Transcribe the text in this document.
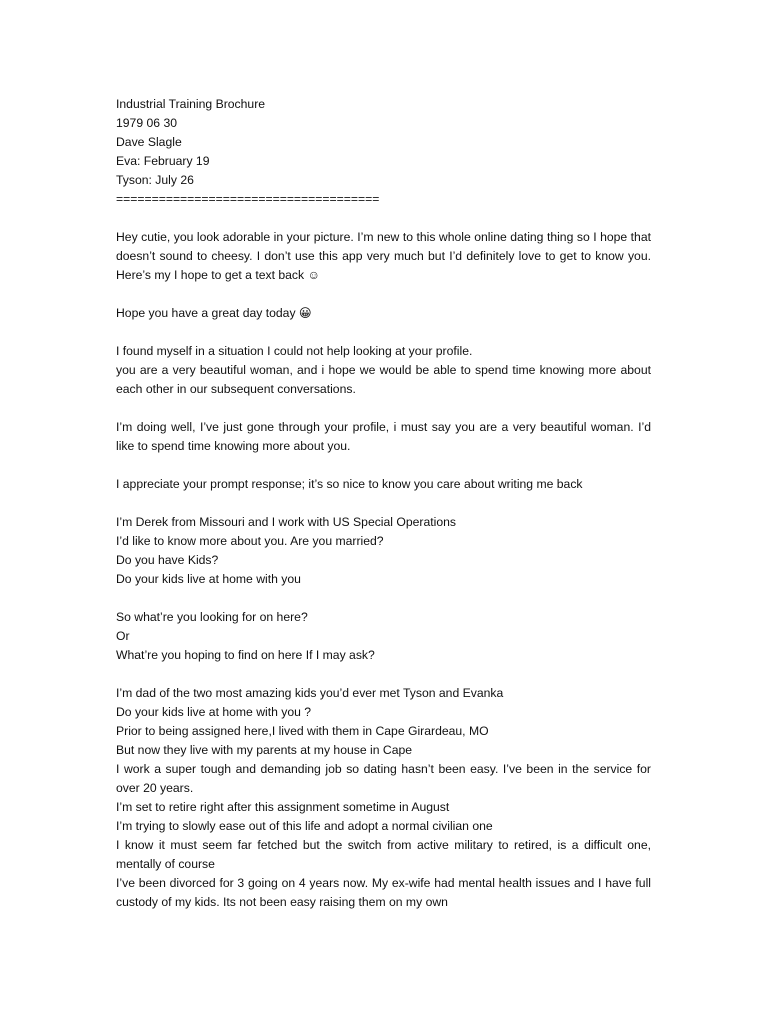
Industrial Training Brochure
1979 06 30
Dave Slagle
Eva: February 19
Tyson: July 26
=====================================
Hey cutie, you look adorable in your picture. I’m new to this whole online dating thing so I hope that doesn’t sound to cheesy. I don’t use this app very much but I’d definitely love to get to know you. Here’s my I hope to get a text back ☺
Hope you have a great day today 😀
I found myself in a situation I could not help looking at your profile.
you are a very beautiful woman, and i hope we would be able to spend time knowing more about each other in our subsequent conversations.
I’m doing well, I’ve just gone through your profile, i must say you are a very beautiful woman. I’d like to spend time knowing more about you.
I appreciate your prompt response; it’s so nice to know you care about writing me back
I’m Derek from Missouri and I work with US Special Operations
I’d like to know more about you. Are you married?
Do you have Kids?
Do your kids live at home with you
So what’re you looking for on here?
Or
What’re you hoping to find on here If I may ask?
I’m dad of the two most amazing kids you’d ever met Tyson and Evanka
Do your kids live at home with you ?
Prior to being assigned here,I lived with them in Cape Girardeau, MO
But now they live with my parents at my house in Cape
I work a super tough and demanding job so dating hasn’t been easy. I’ve been in the service for over 20 years.
I’m set to retire right after this assignment sometime in August
I’m trying to slowly ease out of this life and adopt a normal civilian one
I know it must seem far fetched but the switch from active military to retired, is a difficult one, mentally of course
I’ve been divorced for 3 going on 4 years now. My ex-wife had mental health issues and I have full custody of my kids. Its not been easy raising them on my own
